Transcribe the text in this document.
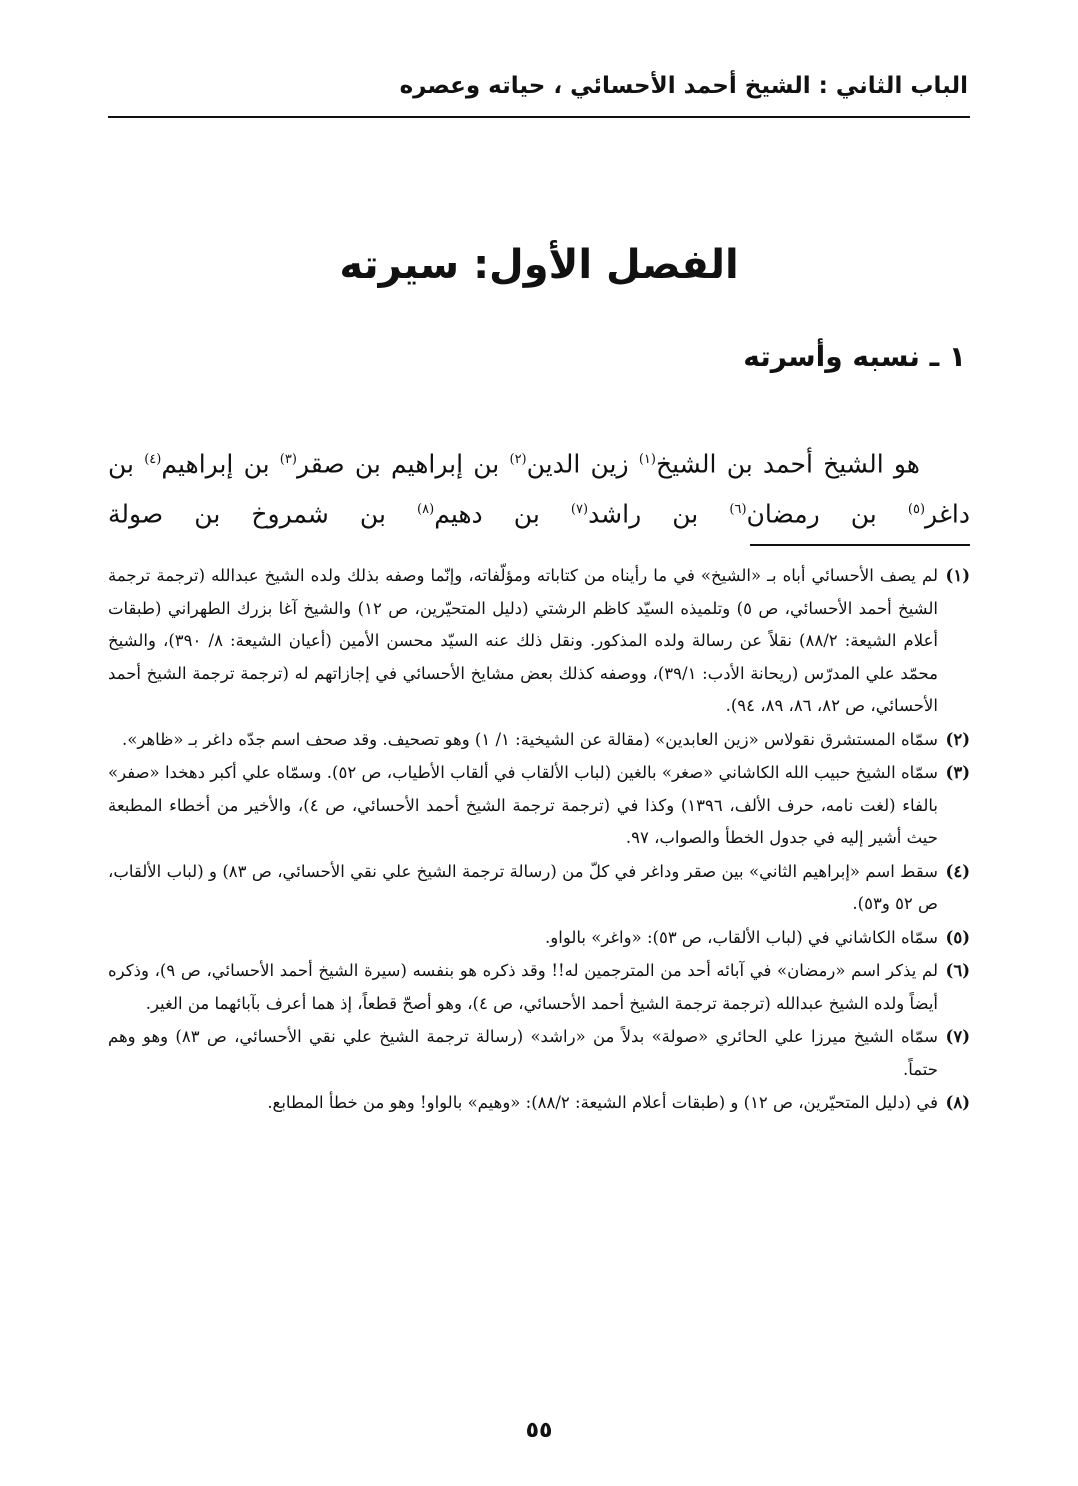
الباب الثاني : الشيخ أحمد الأحسائي ، حياته وعصره
الفصل الأول: سيرته
١ ـ نسبه وأسرته

هو الشيخ أحمد بن الشيخ$^{(١)}$ زين الدين$^{(٢)}$ بن إبراهيم بن صقر$^{(٣)}$ بن إبراهيم$^{(٤)}$ بن داغر$^{(٥)}$ بن رمضان$^{(٦)}$ بن راشد$^{(٧)}$ بن دهيم$^{(٨)}$ بن شمروخ بن صولة

(١)
لم يصف الأحسائي أباه بـ «الشيخ» في ما رأيناه من كتاباته ومؤلّفاته، وإنّما وصفه بذلك ولده الشيخ عبدالله (ترجمة ترجمة الشيخ أحمد الأحسائي، ص ٥) وتلميذه السيّد كاظم الرشتي (دليل المتحيّرين، ص ١٢) والشيخ آغا بزرك الطهراني (طبقات أعلام الشيعة: ٨٨/٢) نقلاً عن رسالة ولده المذكور. ونقل ذلك عنه السيّد محسن الأمين (أعيان الشيعة: ٨/ ٣٩٠)، والشيخ محمّد علي المدرّس (ريحانة الأدب: ٣٩/١)، ووصفه كذلك بعض مشايخ الأحسائي في إجازاتهم له (ترجمة ترجمة الشيخ أحمد الأحسائي، ص ٨٢، ٨٦، ٨٩، ٩٤).
(٢)
سمّاه المستشرق نقولاس «زين العابدين» (مقالة عن الشيخية: ١/ ١) وهو تصحيف. وقد صحف اسم جدّه داغر بـ «ظاهر».
(٣)
سمّاه الشيخ حبيب الله الكاشاني «صغر» بالغين (لباب الألقاب في ألقاب الأطياب، ص ٥٢). وسمّاه علي أكبر دهخدا «صفر» بالفاء (لغت نامه، حرف الألف، ١٣٩٦) وكذا في (ترجمة ترجمة الشيخ أحمد الأحسائي، ص ٤)، والأخير من أخطاء المطبعة حيث أشير إليه في جدول الخطأ والصواب، ٩٧.
(٤)
سقط اسم «إبراهيم الثاني» بين صقر وداغر في كلّ من (رسالة ترجمة الشيخ علي نقي الأحسائي، ص ٨٣) و (لباب الألقاب، ص ٥٢ و٥٣).
(٥)
سمّاه الكاشاني في (لباب الألقاب، ص ٥٣): «واغر» بالواو.
(٦)
لم يذكر اسم «رمضان» في آبائه أحد من المترجمين له!! وقد ذكره هو بنفسه (سيرة الشيخ أحمد الأحسائي، ص ٩)، وذكره أيضاً ولده الشيخ عبدالله (ترجمة ترجمة الشيخ أحمد الأحسائي، ص ٤)، وهو أصحّ قطعاً، إذ هما أعرف بآبائهما من الغير.
(٧)
سمّاه الشيخ ميرزا علي الحائري «صولة» بدلاً من «راشد» (رسالة ترجمة الشيخ علي نقي الأحسائي، ص ٨٣) وهو وهم حتماً.
(٨)
في (دليل المتحيّرين، ص ١٢) و (طبقات أعلام الشيعة: ٨٨/٢): «وهيم» بالواو! وهو من خطأ المطابع.
٥٥
